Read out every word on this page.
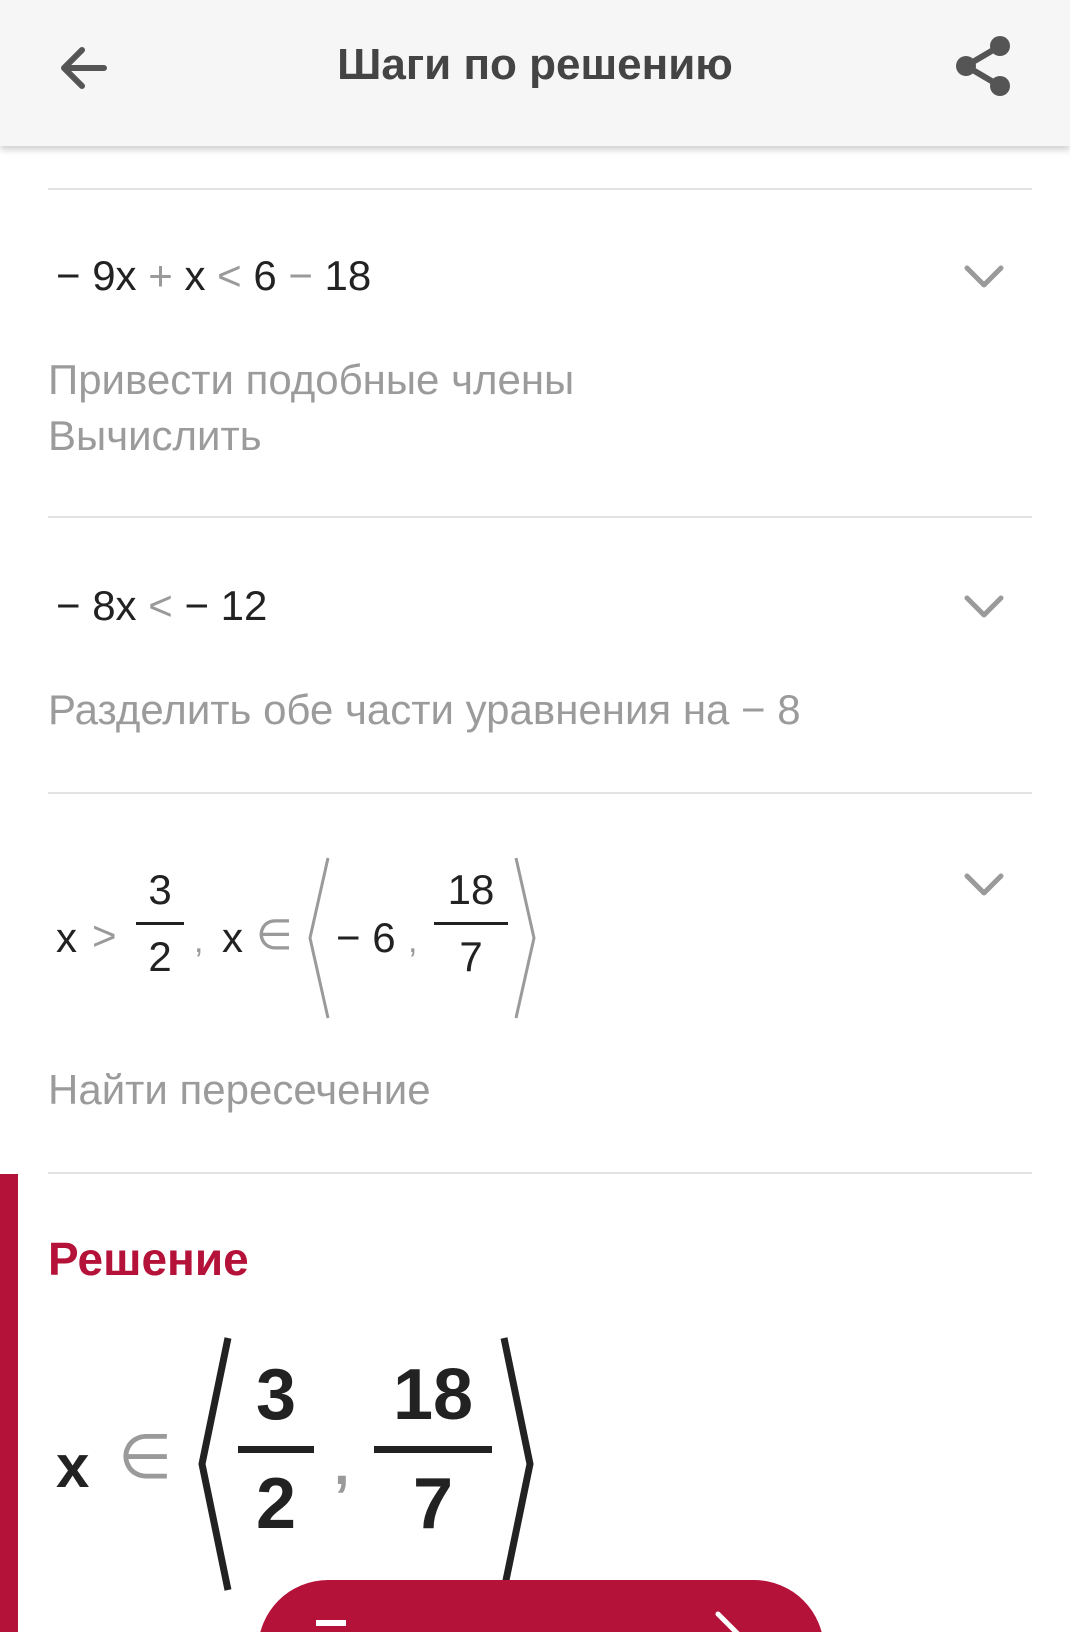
Шаги по решению
− 9x + x < 6 − 18
Привести подобные члены
Вычислить
− 8x < − 12
Разделить обе части уравнения на − 8
x >
3
2 , x ∈ − 6 ,
18
7
Найти пересечение
Решение
x ∈
3
2 ,
18
7
